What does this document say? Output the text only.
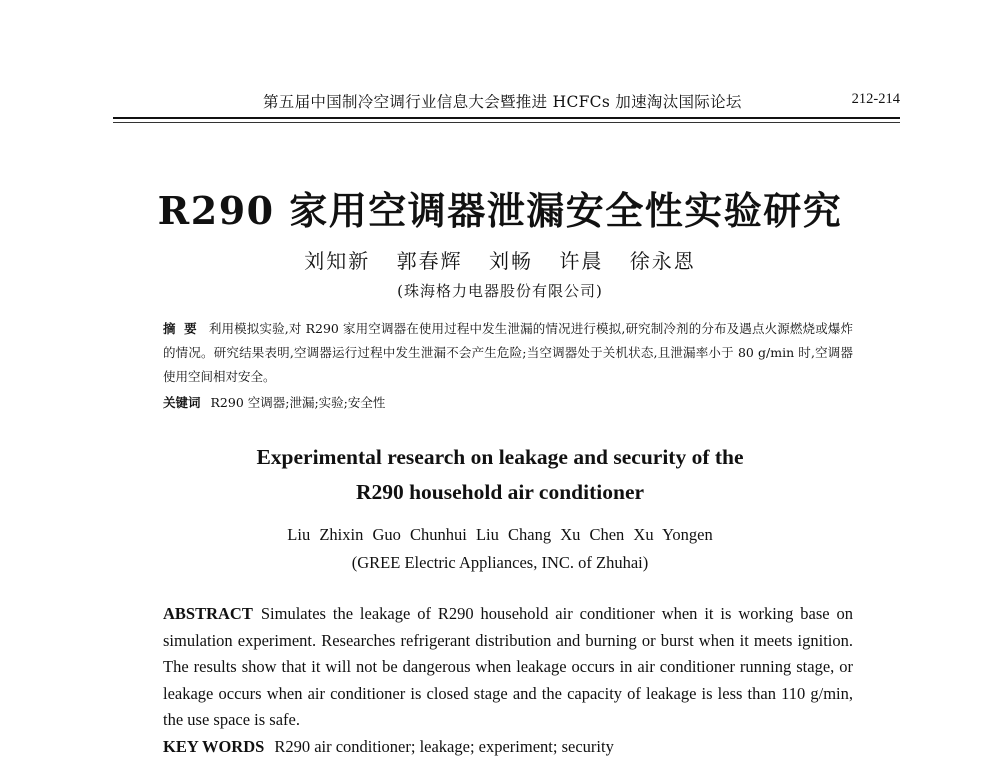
第五届中国制冷空调行业信息大会暨推进 HCFCs 加速淘汰国际论坛	212-214
R290 家用空调器泄漏安全性实验研究
刘知新 郭春辉 刘畅 许晨 徐永恩
(珠海格力电器股份有限公司)
摘 要 利用模拟实验,对 R290 家用空调器在使用过程中发生泄漏的情况进行模拟,研究制冷剂的分布及遇点火源燃烧或爆炸的情况。研究结果表明,空调器运行过程中发生泄漏不会产生危险;当空调器处于关机状态,且泄漏率小于 80 g/min 时,空调器使用空间相对安全。
关键词 R290 空调器;泄漏;实验;安全性
Experimental research on leakage and security of the
R290 household air conditioner
Liu Zhixin Guo Chunhui Liu Chang Xu Chen Xu Yongen
(GREE Electric Appliances, INC. of Zhuhai)
ABSTRACT Simulates the leakage of R290 household air conditioner when it is working base on simulation experiment. Researches refrigerant distribution and burning or burst when it meets ignition. The results show that it will not be dangerous when leakage occurs in air conditioner running stage, or leakage occurs when air conditioner is closed stage and the capacity of leakage is less than 110 g/min, the use space is safe.
KEY WORDS R290 air conditioner; leakage; experiment; security
